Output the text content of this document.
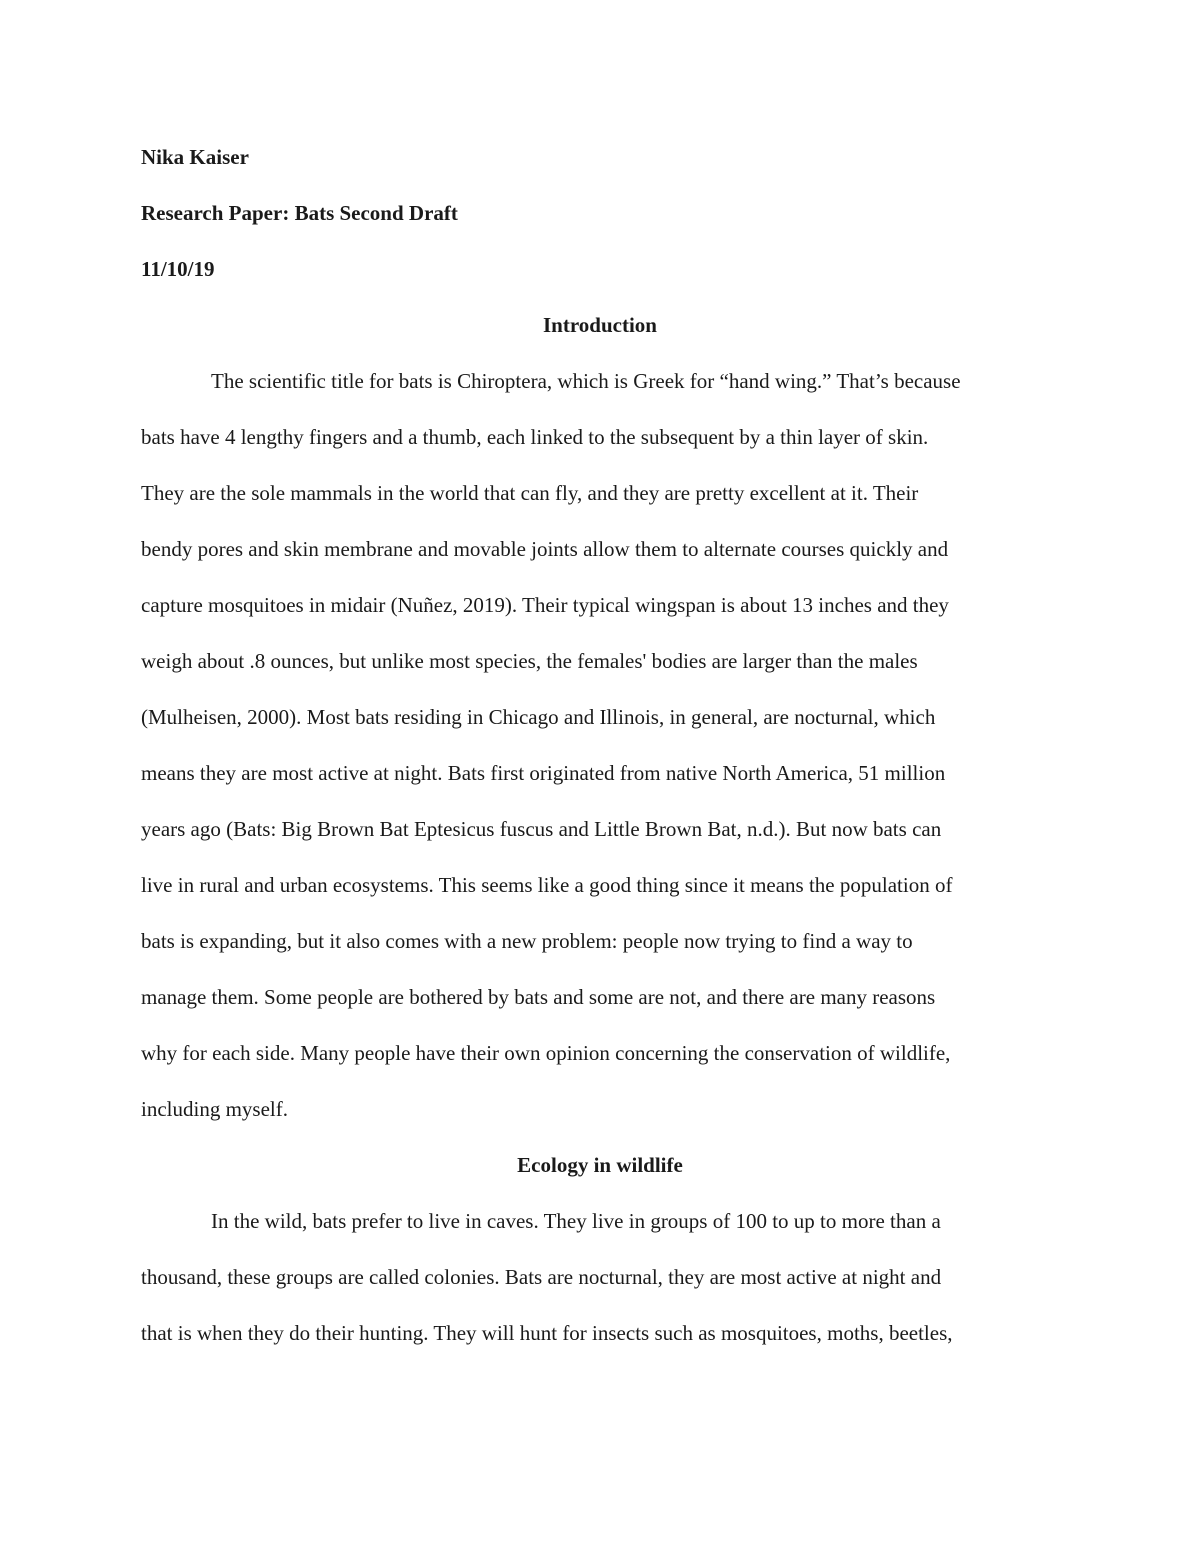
Nika Kaiser

Research Paper: Bats Second Draft

11/10/19

Introduction

The scientific title for bats is Chiroptera, which is Greek for “hand wing.” That’s because

bats have 4 lengthy fingers and a thumb, each linked to the subsequent by a thin layer of skin.

They are the sole mammals in the world that can fly, and they are pretty excellent at it. Their

bendy pores and skin membrane and movable joints allow them to alternate courses quickly and

capture mosquitoes in midair (Nuñez, 2019). Their typical wingspan is about 13 inches and they

weigh about .8 ounces, but unlike most species, the females' bodies are larger than the males

(Mulheisen, 2000). Most bats residing in Chicago and Illinois, in general, are nocturnal, which

means they are most active at night. Bats first originated from native North America, 51 million

years ago (Bats: Big Brown Bat Eptesicus fuscus and Little Brown Bat, n.d.). But now bats can

live in rural and urban ecosystems. This seems like a good thing since it means the population of

bats is expanding, but it also comes with a new problem: people now trying to find a way to

manage them. Some people are bothered by bats and some are not, and there are many reasons

why for each side. Many people have their own opinion concerning the conservation of wildlife,

including myself.

Ecology in wildlife

In the wild, bats prefer to live in caves. They live in groups of 100 to up to more than a

thousand, these groups are called colonies. Bats are nocturnal, they are most active at night and

that is when they do their hunting. They will hunt for insects such as mosquitoes, moths, beetles,
